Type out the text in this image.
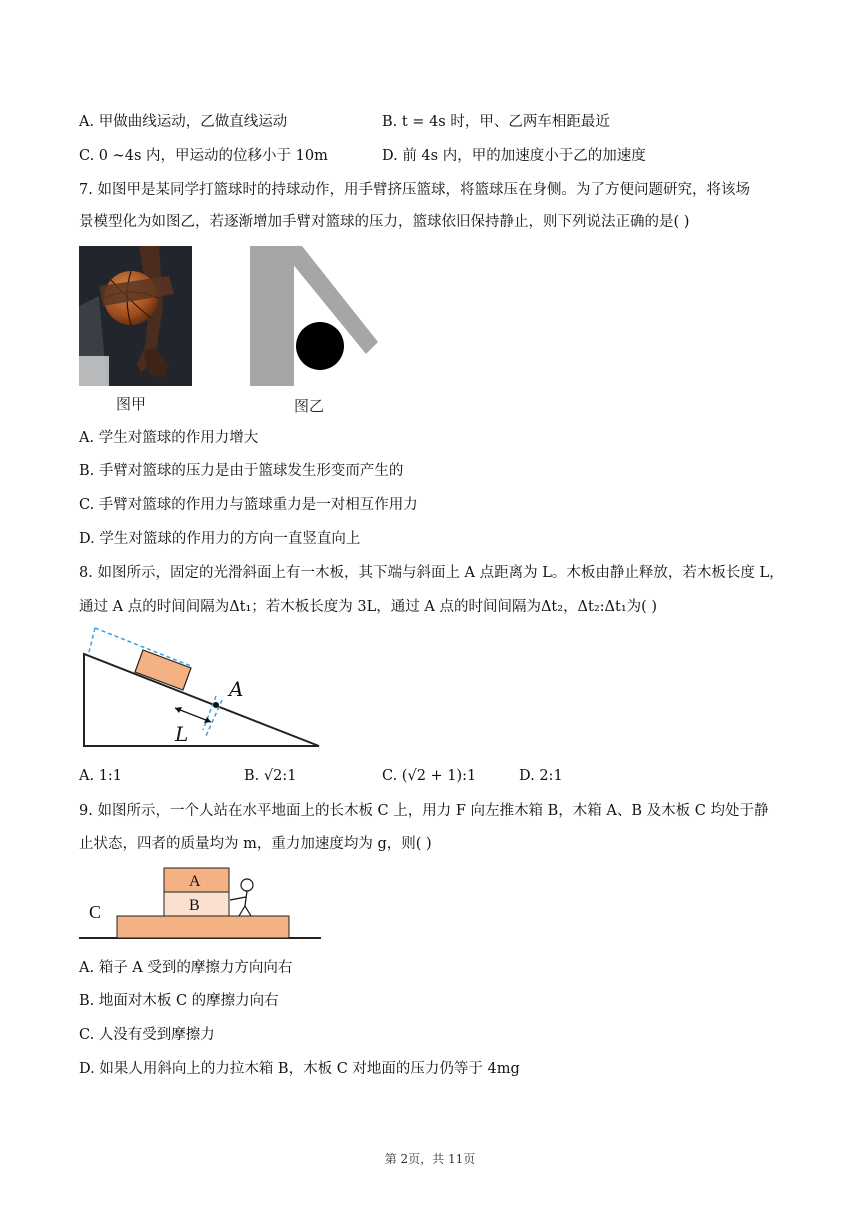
A. 甲做曲线运动，乙做直线运动	B. t = 4s 时，甲、乙两车相距最近
C. 0 ~4s 内，甲运动的位移小于 10m	D. 前 4s 内，甲的加速度小于乙的加速度
7. 如图甲是某同学打篮球时的持球动作，用手臂挤压篮球，将篮球压在身侧。为了方便问题研究，将该场
景模型化为如图乙，若逐渐增加手臂对篮球的压力，篮球依旧保持静止，则下列说法正确的是( )
图甲	图乙
A. 学生对篮球的作用力增大
B. 手臂对篮球的压力是由于篮球发生形变而产生的
C. 手臂对篮球的作用力与篮球重力是一对相互作用力
D. 学生对篮球的作用力的方向一直竖直向上
8. 如图所示，固定的光滑斜面上有一木板，其下端与斜面上 A 点距离为 L。木板由静止释放，若木板长度 L，
通过 A 点的时间间隔为Δt₁；若木板长度为 3L，通过 A 点的时间间隔为Δt₂，Δt₂:Δt₁为( )
A
L
A. 1:1	B. √2:1	C. (√2 + 1):1	D. 2:1
9. 如图所示，一个人站在水平地面上的长木板 C 上，用力 F 向左推木箱 B，木箱 A、B 及木板 C 均处于静
止状态，四者的质量均为 m，重力加速度均为 g，则( )
A
B
C
A. 箱子 A 受到的摩擦力方向向右
B. 地面对木板 C 的摩擦力向右
C. 人没有受到摩擦力
D. 如果人用斜向上的力拉木箱 B，木板 C 对地面的压力仍等于 4mg
第 2页，共 11页
